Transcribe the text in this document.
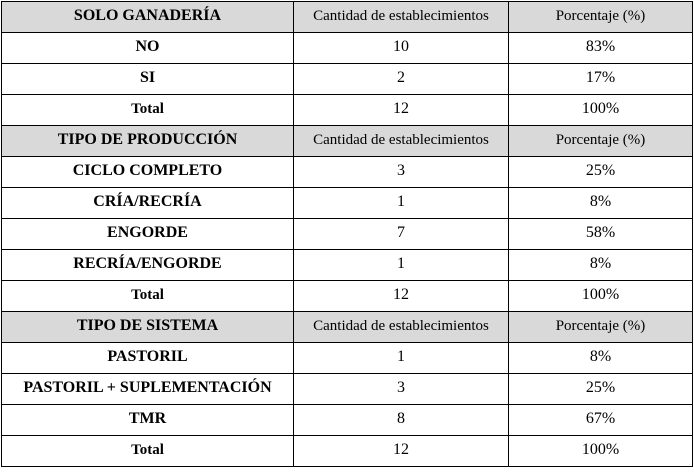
SOLO GANADERÍA	Cantidad de establecimientos	Porcentaje (%)
NO	10	83%
SI	2	17%
Total	12	100%
TIPO DE PRODUCCIÓN	Cantidad de establecimientos	Porcentaje (%)
CICLO COMPLETO	3	25%
CRÍA/RECRÍA	1	8%
ENGORDE	7	58%
RECRÍA/ENGORDE	1	8%
Total	12	100%
TIPO DE SISTEMA	Cantidad de establecimientos	Porcentaje (%)
PASTORIL	1	8%
PASTORIL + SUPLEMENTACIÓN	3	25%
TMR	8	67%
Total	12	100%
